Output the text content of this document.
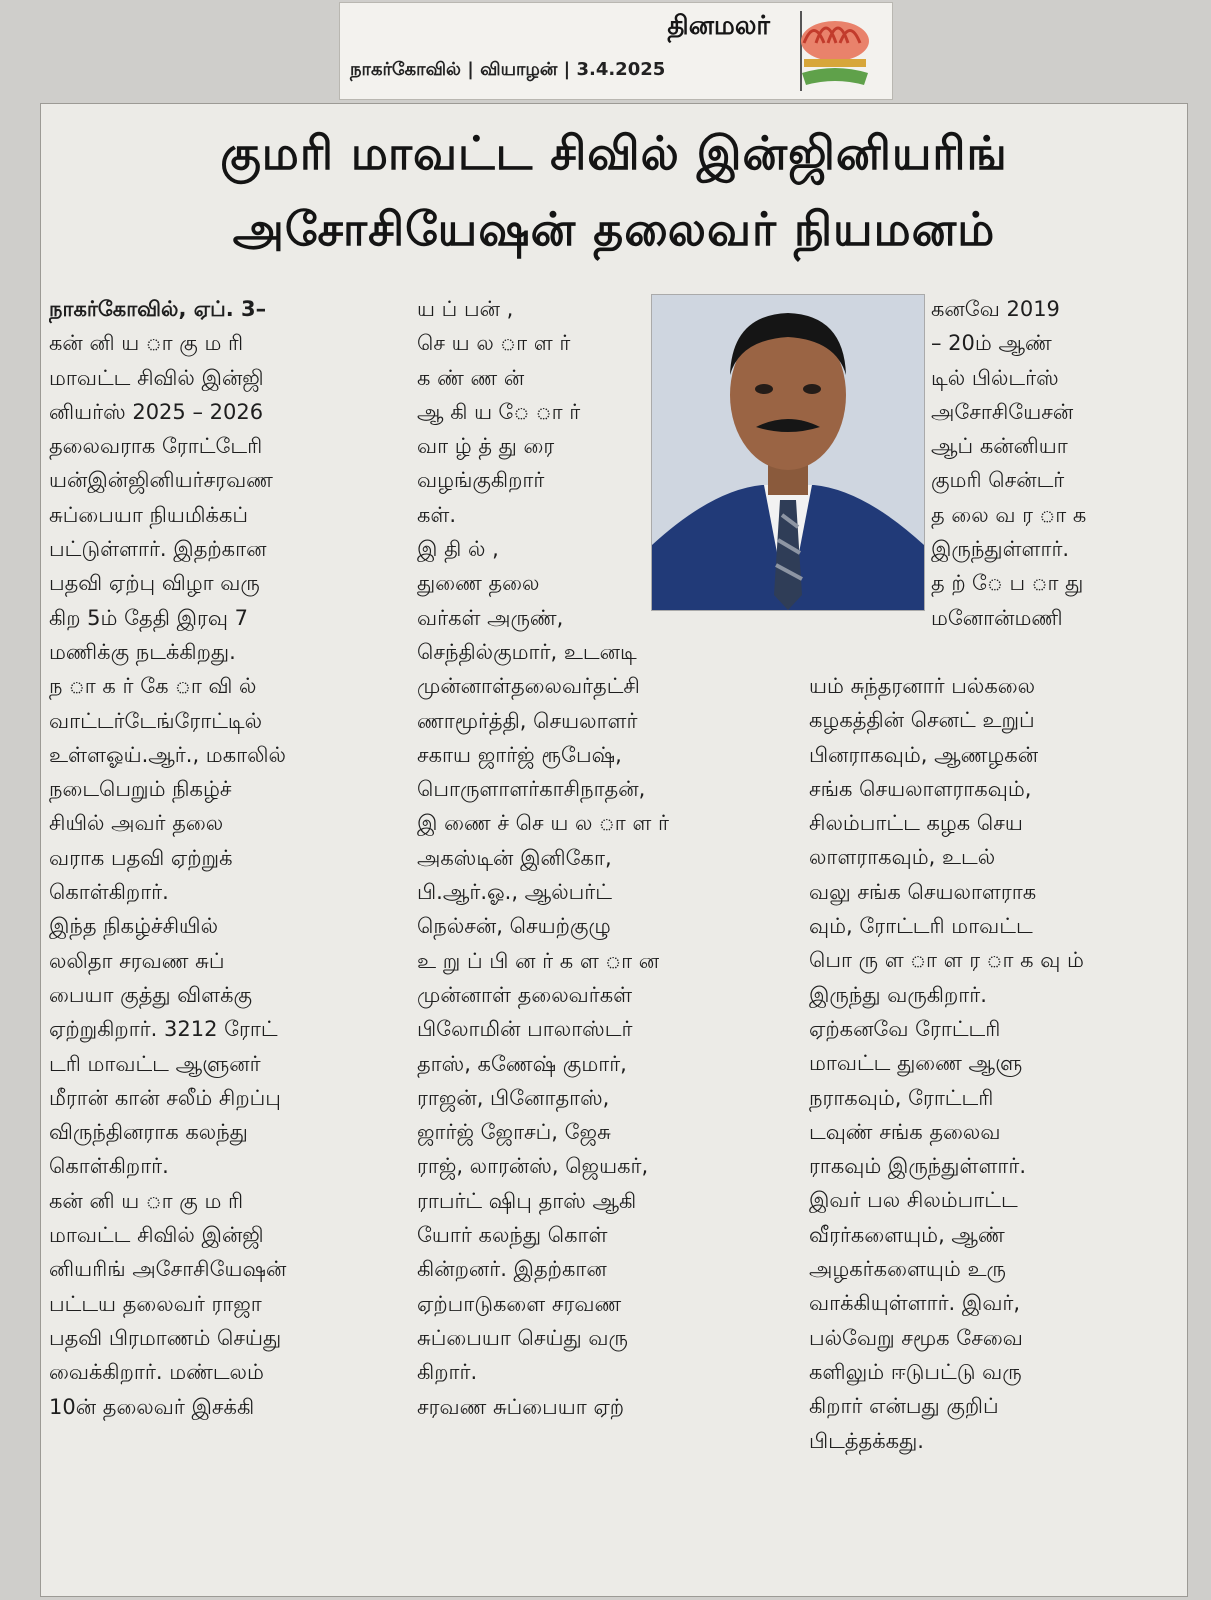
தினமலர்
நாகர்கோவில் | வியாழன் | 3.4.2025
குமரி மாவட்ட சிவில் இன்ஜினியரிங்
அசோசியேஷன் தலைவர் நியமனம்
நாகர்கோவில், ஏப். 3–
கன் னி ய ா கு ம ரி
மாவட்ட சிவில் இன்ஜி
னியர்ஸ் 2025 – 2026
தலைவராக ரோட்டேரி
யன்இன்ஜினியர்சரவண
சுப்பையா நியமிக்கப்
பட்டுள்ளார். இதற்கான
பதவி ஏற்பு விழா வரு
கிற 5ம் தேதி இரவு 7
மணிக்கு நடக்கிறது.
ந ா க ர் கே ா வி ல்
வாட்டர்டேங்ரோட்டில்
உள்ளஓய்.ஆர்., மகாலில்
நடைபெறும் நிகழ்ச்
சியில் அவர் தலை
வராக பதவி ஏற்றுக்
கொள்கிறார்.
இந்த நிகழ்ச்சியில்
லலிதா சரவண சுப்
பையா குத்து விளக்கு
ஏற்றுகிறார். 3212 ரோட்
டரி மாவட்ட ஆளுனர்
மீரான் கான் சலீம் சிறப்பு
விருந்தினராக கலந்து
கொள்கிறார்.
கன் னி ய ா கு ம ரி
மாவட்ட சிவில் இன்ஜி
னியரிங் அசோசியேஷன்
பட்டய தலைவர் ராஜா
பதவி பிரமாணம் செய்து
வைக்கிறார். மண்டலம்
10ன் தலைவர் இசக்கி
ய ப் பன் ,
செ ய ல ா ள ர்
க ண் ண ன்
ஆ கி ய ே ா ர்
வா ழ் த் து ரை
வழங்குகிறார்
கள்.
இ தி ல் ,
துணை தலை
வர்கள் அருண்,
செந்தில்குமார், உடனடி
முன்னாள்தலைவர்தட்சி
ணாமூர்த்தி, செயலாளர்
சகாய ஜார்ஜ் ரூபேஷ்,
பொருளாளர்காசிநாதன்,
இ ணை ச் செ ய ல ா ள ர்
அகஸ்டின் இனிகோ,
பி.ஆர்.ஓ., ஆல்பர்ட்
நெல்சன், செயற்குழு
உ று ப் பி ன ர் க ள ா ன
முன்னாள் தலைவர்கள்
பிலோமின் பாலாஸ்டர்
தாஸ், கணேஷ் குமார்,
ராஜன், பினோதாஸ்,
ஜார்ஜ் ஜோசப், ஜேசு
ராஜ், லாரன்ஸ், ஜெயகர்,
ராபர்ட் ஷிபு தாஸ் ஆகி
யோர் கலந்து கொள்
கின்றனர். இதற்கான
ஏற்பாடுகளை சரவண
சுப்பையா செய்து வரு
கிறார்.
சரவண சுப்பையா ஏற்
கனவே 2019
– 20ம் ஆண்
டில் பில்டர்ஸ்
அசோசியேசன்
ஆப் கன்னியா
குமரி சென்டர்
த லை வ ர ா க
இருந்துள்ளார்.
த ற் ே ப ா து
மனோன்மணி
யம் சுந்தரனார் பல்கலை
கழகத்தின் செனட் உறுப்
பினராகவும், ஆணழகன்
சங்க செயலாளராகவும்,
சிலம்பாட்ட கழக செய
லாளராகவும், உடல்
வலு சங்க செயலாளராக
வும், ரோட்டரி மாவட்ட
பொ ரு ள ா ள ர ா க வு ம்
இருந்து வருகிறார்.
ஏற்கனவே ரோட்டரி
மாவட்ட துணை ஆளு
நராகவும், ரோட்டரி
டவுண் சங்க தலைவ
ராகவும் இருந்துள்ளார்.
இவர் பல சிலம்பாட்ட
வீரர்களையும், ஆண்
அழகர்களையும் உரு
வாக்கியுள்ளார். இவர்,
பல்வேறு சமூக சேவை
களிலும் ஈடுபட்டு வரு
கிறார் என்பது குறிப்
பிடத்தக்கது.
